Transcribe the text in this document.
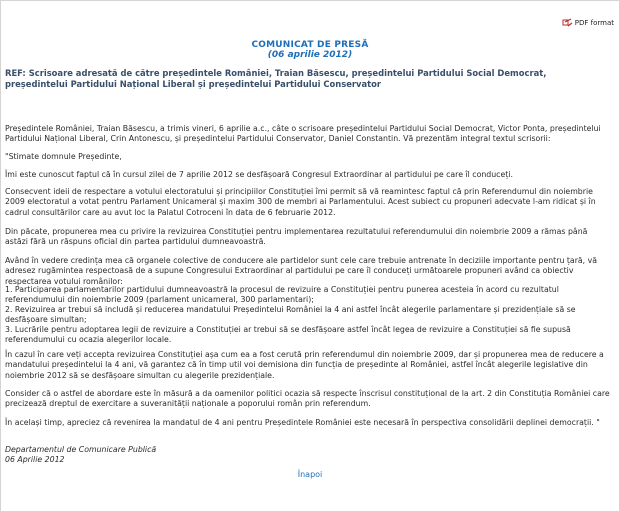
PDF format
COMUNICAT DE PRESĂ
(06 aprilie 2012)
REF: Scrisoare adresată de către președintele României, Traian Băsescu, președintelui Partidului Social Democrat, președintelui Partidului Național Liberal și președintelui Partidului Conservator
Președintele României, Traian Băsescu, a trimis vineri, 6 aprilie a.c., câte o scrisoare președintelui Partidului Social Democrat, Victor Ponta, președintelui Partidului Național Liberal, Crin Antonescu, și președintelui Partidului Conservator, Daniel Constantin. Vă prezentăm integral textul scrisorii:
"Stimate domnule Președinte,
Îmi este cunoscut faptul că în cursul zilei de 7 aprilie 2012 se desfășoară Congresul Extraordinar al partidului pe care îl conduceți.
Consecvent ideii de respectare a votului electoratului și principiilor Constituției îmi permit să vă reamintesc faptul că prin Referendumul din noiembrie 2009 electoratul a votat pentru Parlament Unicameral și maxim 300 de membri ai Parlamentului. Acest subiect cu propuneri adecvate l-am ridicat și în cadrul consultărilor care au avut loc la Palatul Cotroceni în data de 6 februarie 2012.
Din păcate, propunerea mea cu privire la revizuirea Constituției pentru implementarea rezultatului referendumului din noiembrie 2009 a rămas până astăzi fără un răspuns oficial din partea partidului dumneavoastră.
Având în vedere credința mea că organele colective de conducere ale partidelor sunt cele care trebuie antrenate în deciziile importante pentru țară, vă adresez rugămintea respectoasă de a supune Congresului Extraordinar al partidului pe care îl conduceți următoarele propuneri având ca obiectiv respectarea votului românilor:
1. Participarea parlamentarilor partidului dumneavoastră la procesul de revizuire a Constituției pentru punerea acesteia în acord cu rezultatul referendumului din noiembrie 2009 (parlament unicameral, 300 parlamentari);
2. Revizuirea ar trebui să includă și reducerea mandatului Președintelui României la 4 ani astfel încât alegerile parlamentare și prezidențiale să se desfășoare simultan;
3. Lucrările pentru adoptarea legii de revizuire a Constituției ar trebui să se desfășoare astfel încât legea de revizuire a Constituției să fie supusă referendumului cu ocazia alegerilor locale.
În cazul în care veți accepta revizuirea Constituției așa cum ea a fost cerută prin referendumul din noiembrie 2009, dar și propunerea mea de reducere a mandatului președintelui la 4 ani, vă garantez că în timp util voi demisiona din funcția de președinte al României, astfel încât alegerile legislative din noiembrie 2012 să se desfășoare simultan cu alegerile prezidențiale.
Consider că o astfel de abordare este în măsură a da oamenilor politici ocazia să respecte înscrisul constituțional de la art. 2 din Constituția României care precizează dreptul de exercitare a suveranității naționale a poporului român prin referendum.
În același timp, apreciez că revenirea la mandatul de 4 ani pentru Președintele României este necesară în perspectiva consolidării deplinei democrații. "
Departamentul de Comunicare Publică
06 Aprilie 2012
Înapoi
